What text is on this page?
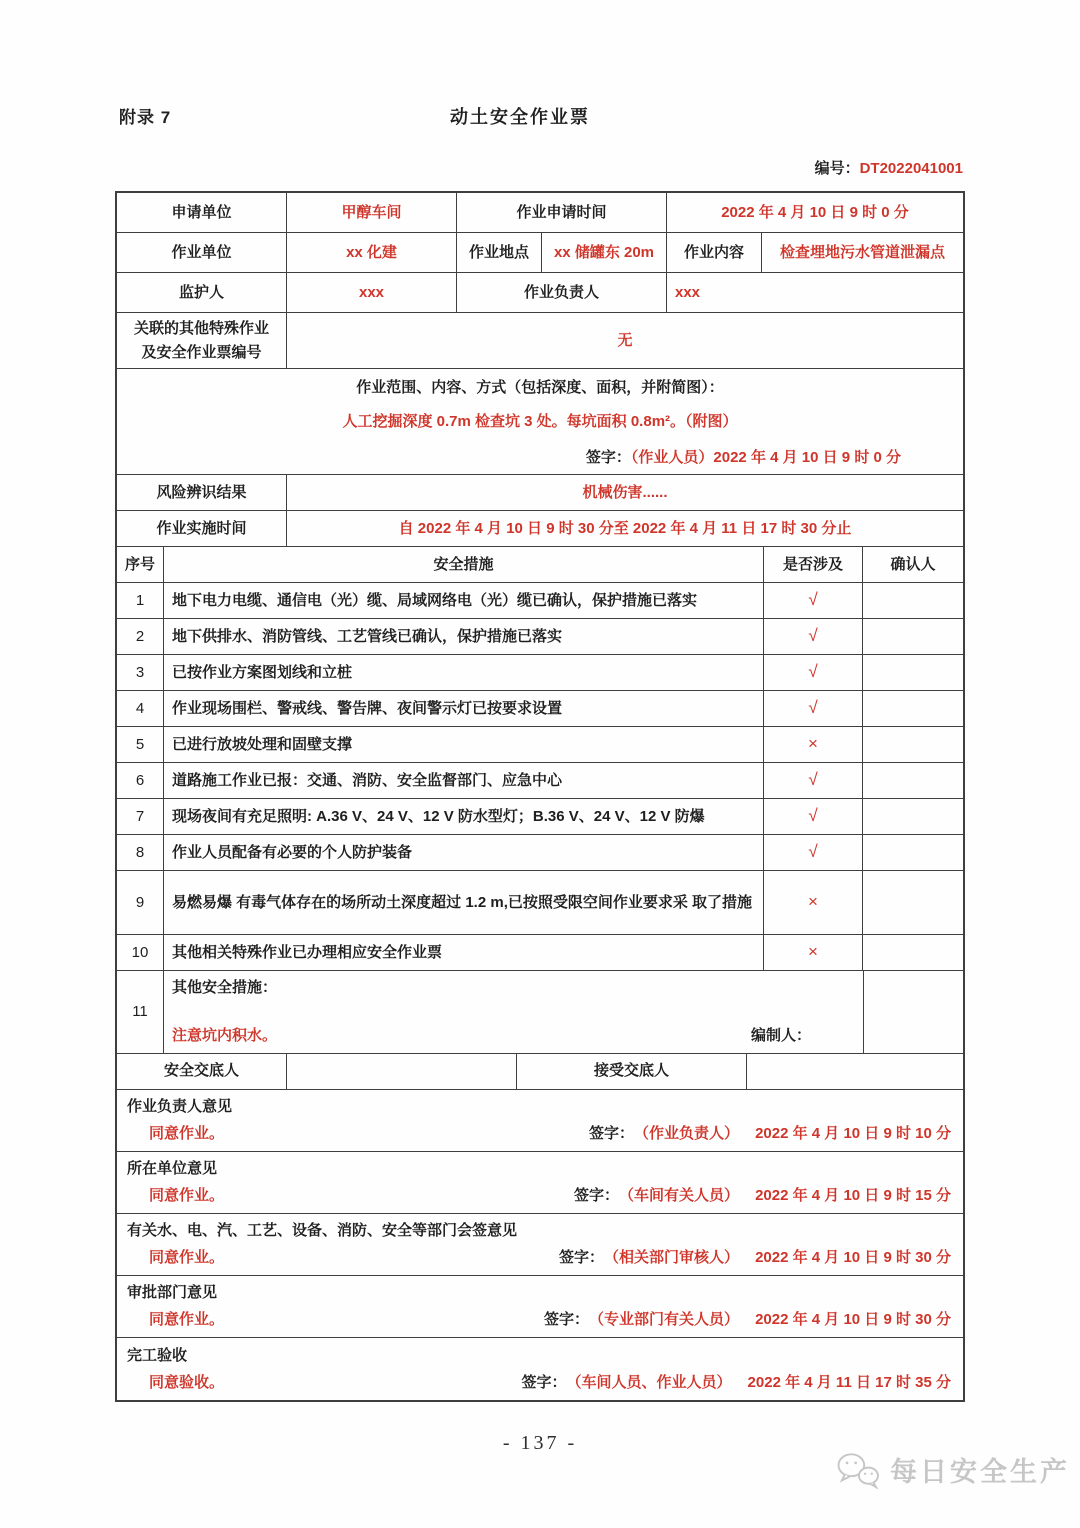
附录 7	动土安全作业票
编号：DT2022041001
申请单位	甲醇车间	作业申请时间	2022 年 4 月 10 日 9 时 0 分
作业单位	xx 化建	作业地点	xx 储罐东 20m	作业内容	检查埋地污水管道泄漏点
监护人	xxx	作业负责人	xxx
关联的其他特殊作业
及安全作业票编号
无
作业范围、内容、方式（包括深度、面积，并附简图）：
人工挖掘深度 0.7m 检查坑 3 处。每坑面积 0.8m²。（附图）
签字：（作业人员）2022 年 4 月 10 日 9 时 0 分
风险辨识结果	机械伤害......
作业实施时间	自 2022 年 4 月 10 日 9 时 30 分至 2022 年 4 月 11 日 17 时 30 分止
序号	安全措施	是否涉及	确认人
1	地下电力电缆、通信电（光）缆、局域网络电（光）缆已确认，保护措施已落实	√
2	地下供排水、消防管线、工艺管线已确认，保护措施已落实	√
3	已按作业方案图划线和立桩	√
4	作业现场围栏、警戒线、警告牌、夜间警示灯已按要求设置	√
5	已进行放坡处理和固壁支撑	×
6	道路施工作业已报：交通、消防、安全监督部门、应急中心	√
7	现场夜间有充足照明: A.36 V、24 V、12 V 防水型灯；B.36 V、24 V、12 V 防爆	√
8	作业人员配备有必要的个人防护装备	√
9	易燃易爆 有毒气体存在的场所动土深度超过 1.2 m,已按照受限空间作业要求采 取了措施	×
10	其他相关特殊作业已办理相应安全作业票	×
11
其他安全措施：
注意坑内积水。	编制人：
安全交底人	接受交底人
作业负责人意见
同意作业。	签字： （作业负责人） 2022 年 4 月 10 日 9 时 10 分
所在单位意见
同意作业。	签字： （车间有关人员） 2022 年 4 月 10 日 9 时 15 分
有关水、电、汽、工艺、设备、消防、安全等部门会签意见
同意作业。	签字： （相关部门审核人） 2022 年 4 月 10 日 9 时 30 分
审批部门意见
同意作业。	签字： （专业部门有关人员） 2022 年 4 月 10 日 9 时 30 分
完工验收
同意验收。	签字： （车间人员、作业人员） 2022 年 4 月 11 日 17 时 35 分
- 137 -
每日安全生产
